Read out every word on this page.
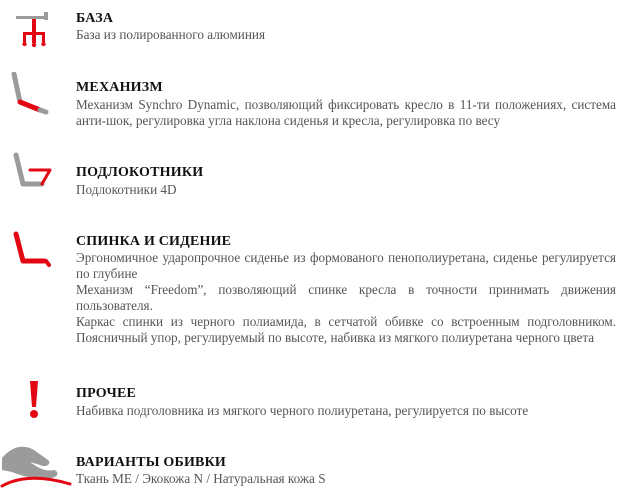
БАЗА
База из полированного алюминия
МЕХАНИЗМ
Механизм Synchro Dynamic, позволяющий фиксировать кресло в 11-ти положениях, система анти-шок, регулировка угла наклона сиденья и кресла, регулировка по весу
ПОДЛОКОТНИКИ
Подлокотники 4D
СПИНКА И СИДЕНИЕ

Эргономичное ударопрочное сиденье из формованого пенополиуретана, сиденье регулируется по глубине

Механизм “Freedom”, позволяющий спинке кресла в точности принимать движения пользователя.

Каркас спинки из черного полиамида, в сетчатой обивке со встроенным подголовником. Поясничный упор, регулируемый по высоте, набивка из мягкого полиуретана черного цвета

ПРОЧЕЕ
Набивка подголовника из мягкого черного полиуретана, регулируется по высоте
ВАРИАНТЫ ОБИВКИ
Ткань ME / Экокожа N / Натуральная кожа S
